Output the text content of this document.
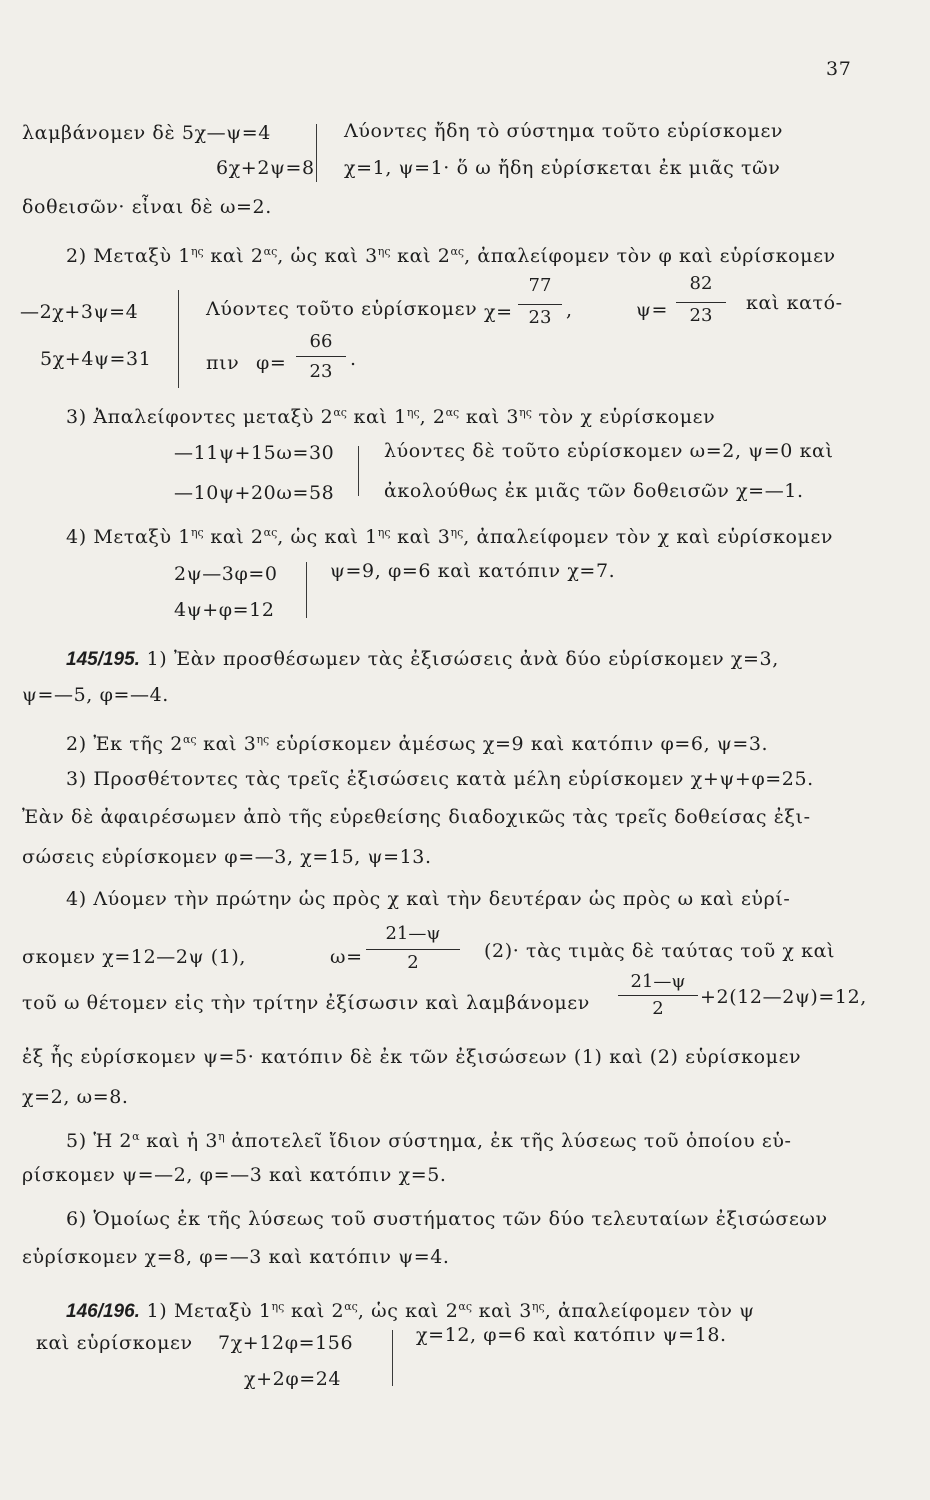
37
λαμβάνομεν δὲ 5χ—ψ=4
6χ+2ψ=8
δοθεισῶν· εἶναι δὲ ω=2.
Λύοντες ἤδη τὸ σύστημα τοῦτο εὑρίσκομεν
χ=1, ψ=1· ὅ ω ἤδη εὑρίσκεται ἐκ μιᾶς τῶν
2) Μεταξὺ $1^{\eta\varsigma}$ καὶ $2^{\alpha\varsigma}$, ὡς καὶ $3^{\eta\varsigma}$ καὶ $2^{\alpha\varsigma}$, ἀπαλείφομεν τὸν φ καὶ εὑρίσκομεν
—2χ+3ψ=4
5χ+4ψ=31
Λύοντες τοῦτο εὑρίσκομεν χ=
77
23 ,	ψ=
82
23
καὶ κατό-
πιν φ=
66
23
.
3) Ἀπαλείφοντες μεταξὺ $2^{\alpha\varsigma}$ καὶ $1^{\eta\varsigma}$, $2^{\alpha\varsigma}$ καὶ $3^{\eta\varsigma}$ τὸν χ εὑρίσκομεν
—11ψ+15ω=30
—10ψ+20ω=58
λύοντες δὲ τοῦτο εὑρίσκομεν ω=2, ψ=0 καὶ
ἀκολούθως ἐκ μιᾶς τῶν δοθεισῶν χ=—1.
4) Μεταξὺ $1^{\eta\varsigma}$ καὶ $2^{\alpha\varsigma}$, ὡς καὶ $1^{\eta\varsigma}$ καὶ $3^{\eta\varsigma}$, ἀπαλείφομεν τὸν χ καὶ εὑρίσκομεν
2ψ—3φ=0
4ψ+φ=12
ψ=9, φ=6 καὶ κατόπιν χ=7.
145/195. 1) Ἐὰν προσθέσωμεν τὰς ἐξισώσεις ἀνὰ δύο εὑρίσκομεν χ=3,
ψ=—5, φ=—4.
2) Ἐκ τῆς $2^{\alpha\varsigma}$ καὶ $3^{\eta\varsigma}$ εὑρίσκομεν ἀμέσως χ=9 καὶ κατόπιν φ=6, ψ=3.
3) Προσθέτοντες τὰς τρεῖς ἐξισώσεις κατὰ μέλη εὑρίσκομεν χ+ψ+φ=25.
Ἐὰν δὲ ἀφαιρέσωμεν ἀπὸ τῆς εὑρεθείσης διαδοχικῶς τὰς τρεῖς δοθείσας ἐξι-
σώσεις εὑρίσκομεν φ=—3, χ=15, ψ=13.
4) Λύομεν τὴν πρώτην ὡς πρὸς χ καὶ τὴν δευτέραν ὡς πρὸς ω καὶ εὑρί-
σκομεν χ=12—2ψ (1),	ω=
21—ψ
2
(2)· τὰς τιμὰς δὲ ταύτας τοῦ χ καὶ
τοῦ ω θέτομεν εἰς τὴν τρίτην ἐξίσωσιν καὶ λαμβάνομεν
21—ψ
2
+2(12—2ψ)=12,
ἐξ ἧς εὑρίσκομεν ψ=5· κατόπιν δὲ ἐκ τῶν ἐξισώσεων (1) καὶ (2) εὑρίσκομεν
χ=2, ω=8.
5) Ἡ $2^\alpha$ καὶ ἡ $3^\eta$ ἀποτελεῖ ἴδιον σύστημα, ἐκ τῆς λύσεως τοῦ ὁποίου εὑ-
ρίσκομεν ψ=—2, φ=—3 καὶ κατόπιν χ=5.
6) Ὁμοίως ἐκ τῆς λύσεως τοῦ συστήματος τῶν δύο τελευταίων ἐξισώσεων
εὑρίσκομεν χ=8, φ=—3 καὶ κατόπιν ψ=4.
146/196. 1) Μεταξὺ $1^{\eta\varsigma}$ καὶ $2^{\alpha\varsigma}$, ὡς καὶ $2^{\alpha\varsigma}$ καὶ $3^{\eta\varsigma}$, ἀπαλείφομεν τὸν ψ
καὶ εὑρίσκομεν 7χ+12φ=156
χ+2φ=24
χ=12, φ=6 καὶ κατόπιν ψ=18.
